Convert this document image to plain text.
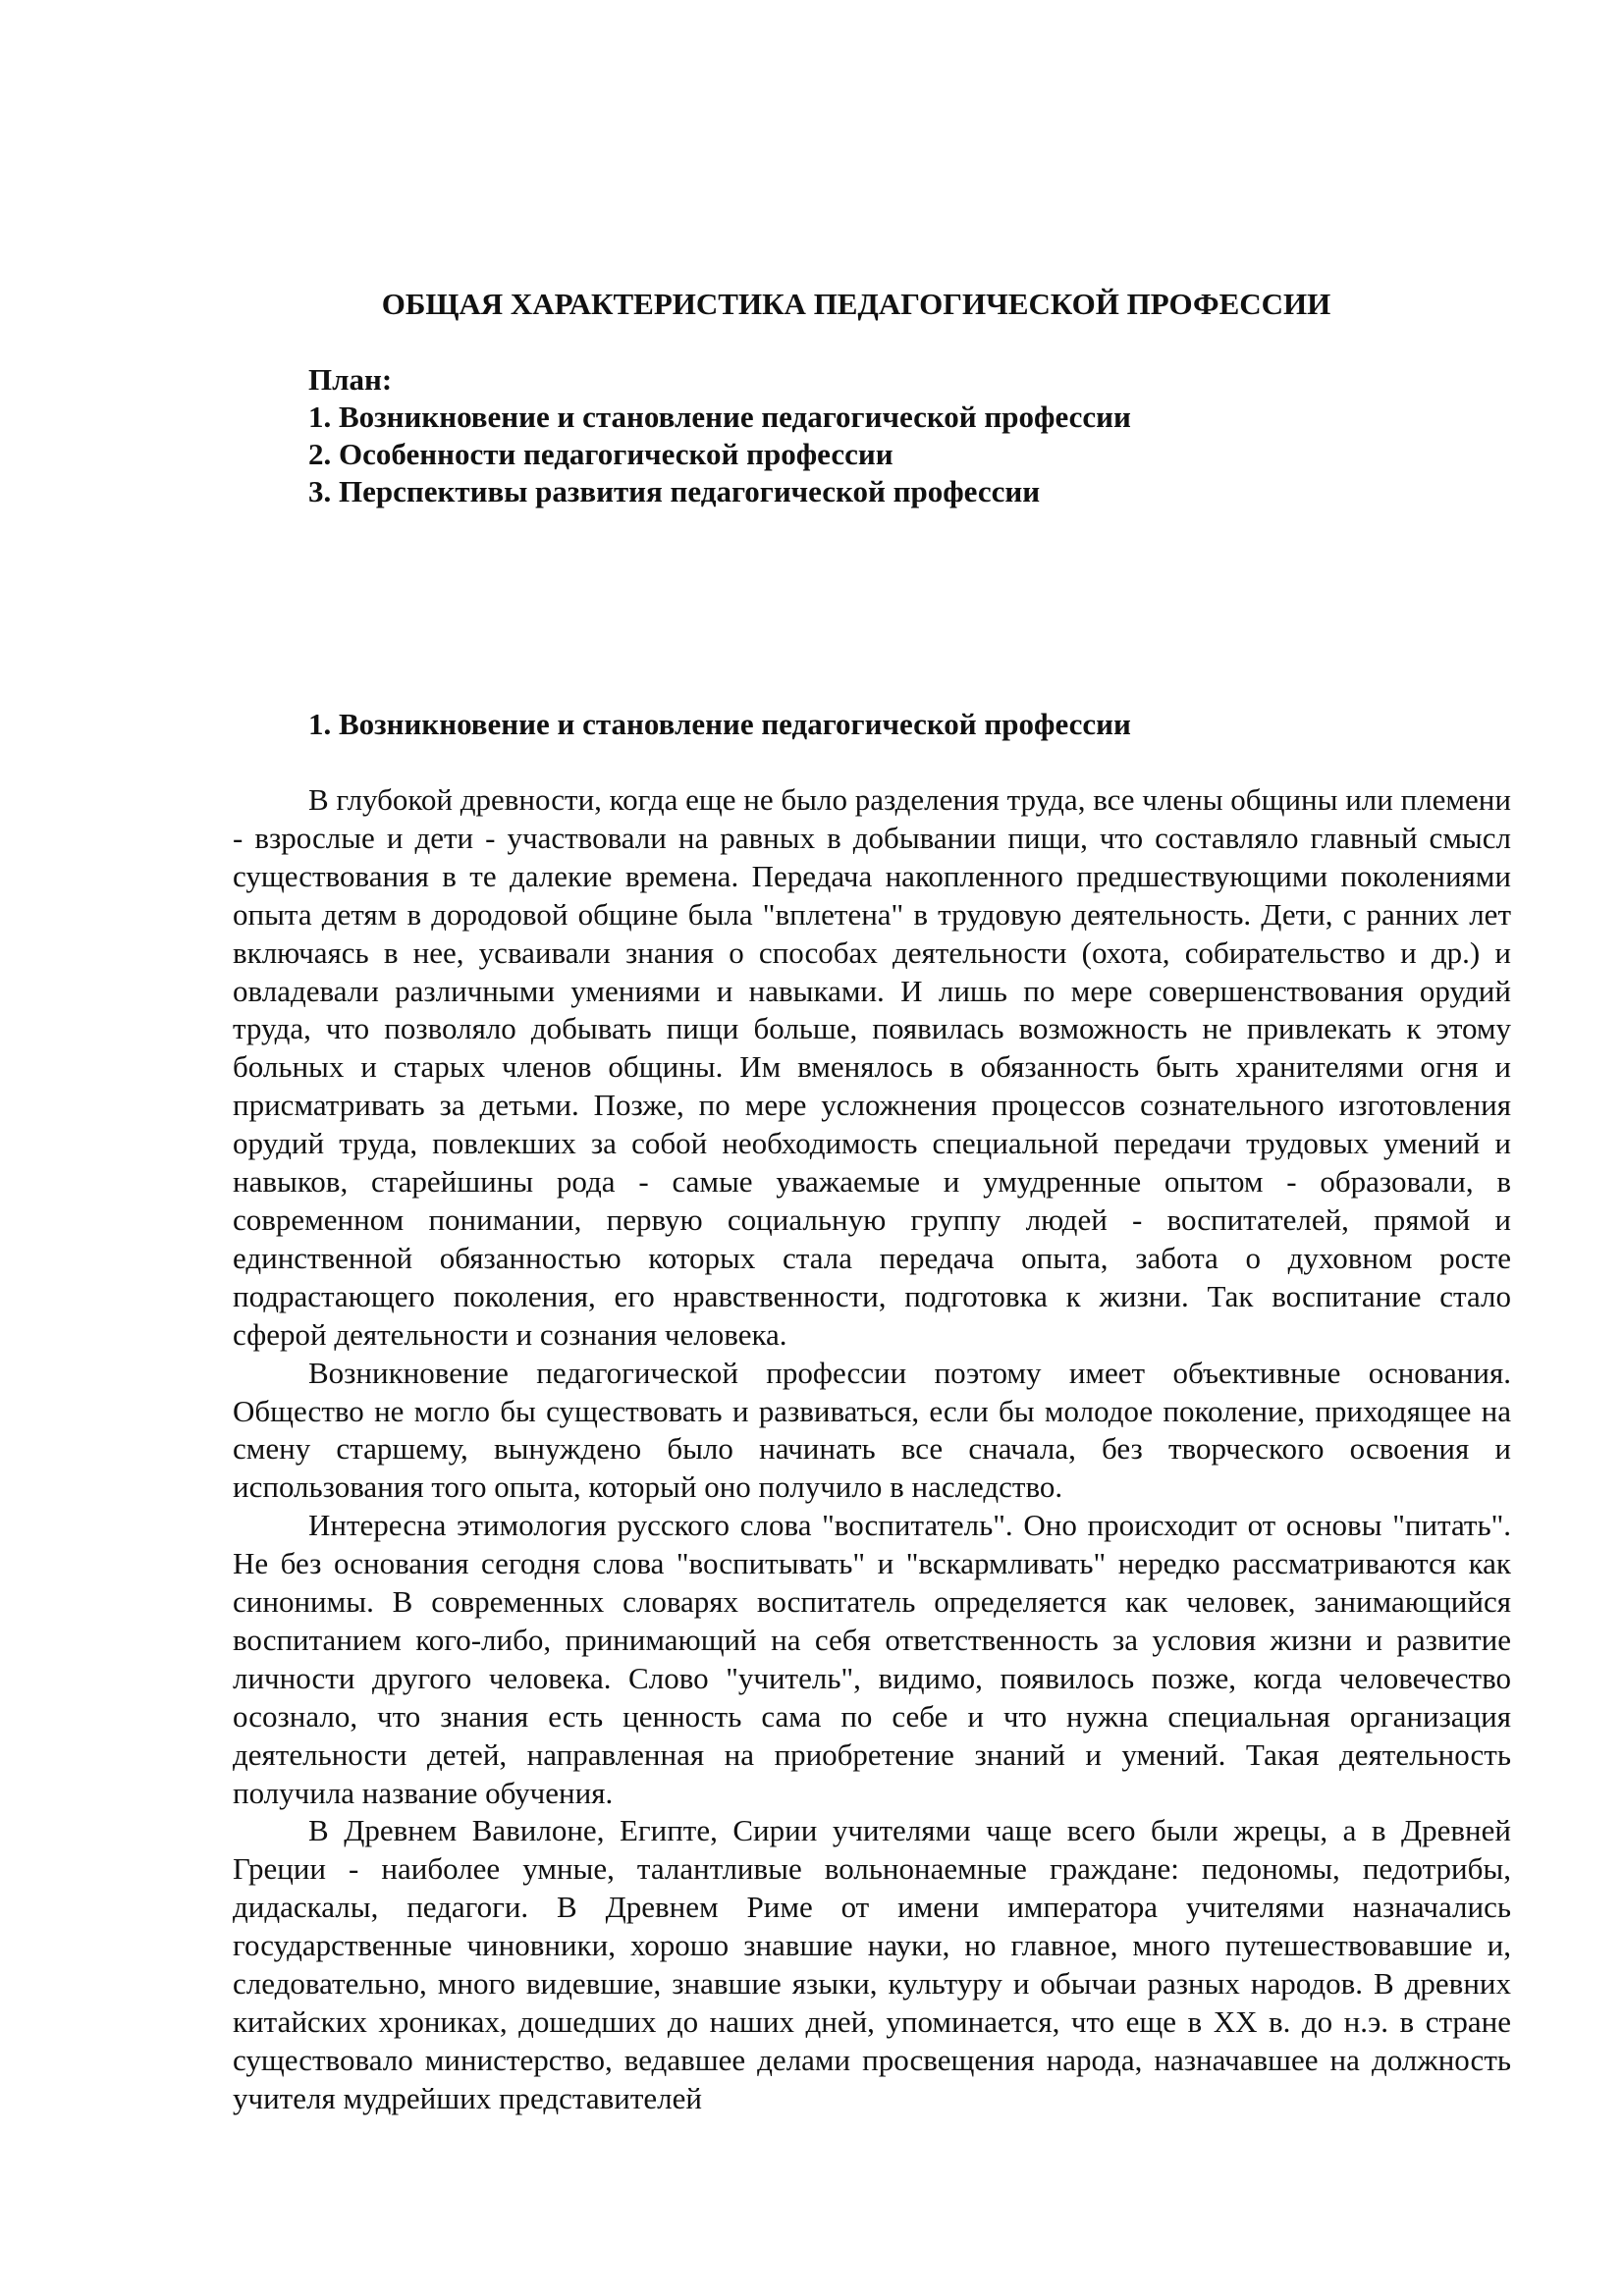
ОБЩАЯ ХАРАКТЕРИСТИКА ПЕДАГОГИЧЕСКОЙ ПРОФЕССИИ
План:
1. Возникновение и становление педагогической профессии
2. Особенности педагогической профессии
3. Перспективы развития педагогической профессии
1. Возникновение и становление педагогической профессии

В глубокой древности, когда еще не было разделения труда, все члены общины или племени - взрослые и дети - участвовали на равных в добывании пищи, что составляло главный смысл существования в те далекие времена. Передача накопленного предшествующими поколениями опыта детям в дородовой общине была "вплетена" в трудовую деятельность. Дети, с ранних лет включаясь в нее, усваивали знания о способах деятельности (охота, собирательство и др.) и овладевали различными умениями и навыками. И лишь по мере совершенствования орудий труда, что позволяло добывать пищи больше, появилась возможность не привлекать к этому больных и старых членов общины. Им вменялось в обязанность быть хранителями огня и присматривать за детьми. Позже, по мере усложнения процессов сознательного изготовления орудий труда, повлекших за собой необходимость специальной передачи трудовых умений и навыков, старейшины рода - самые уважаемые и умудренные опытом - образовали, в современном понимании, первую социальную группу людей - воспитателей, прямой и единственной обязанностью которых стала передача опыта, забота о духовном росте подрастающего поколения, его нравственности, подготовка к жизни. Так воспитание стало сферой деятельности и сознания человека.

Возникновение педагогической профессии поэтому имеет объективные основания. Общество не могло бы существовать и развиваться, если бы молодое поколение, приходящее на смену старшему, вынуждено было начинать все сначала, без творческого освоения и использования того опыта, который оно получило в наследство.

Интересна этимология русского слова "воспитатель". Оно происходит от основы "питать". Не без основания сегодня слова "воспитывать" и "вскармливать" нередко рассматриваются как синонимы. В современных словарях воспитатель определяется как человек, занимающийся воспитанием кого-либо, принимающий на себя ответственность за условия жизни и развитие личности другого человека. Слово "учитель", видимо, появилось позже, когда человечество осознало, что знания есть ценность сама по себе и что нужна специальная организация деятельности детей, направленная на приобретение знаний и умений. Такая деятельность получила название обучения.

В Древнем Вавилоне, Египте, Сирии учителями чаще всего были жрецы, а в Древней Греции - наиболее умные, талантливые вольнонаемные граждане: педономы, педотрибы, дидаскалы, педагоги. В Древнем Риме от имени императора учителями назначались государственные чиновники, хорошо знавшие науки, но главное, много путешествовавшие и, следовательно, много видевшие, знавшие языки, культуру и обычаи разных народов. В древних китайских хрониках, дошедших до наших дней, упоминается, что еще в XX в. до н.э. в стране существовало министерство, ведавшее делами просвещения народа, назначавшее на должность учителя мудрейших представителей
